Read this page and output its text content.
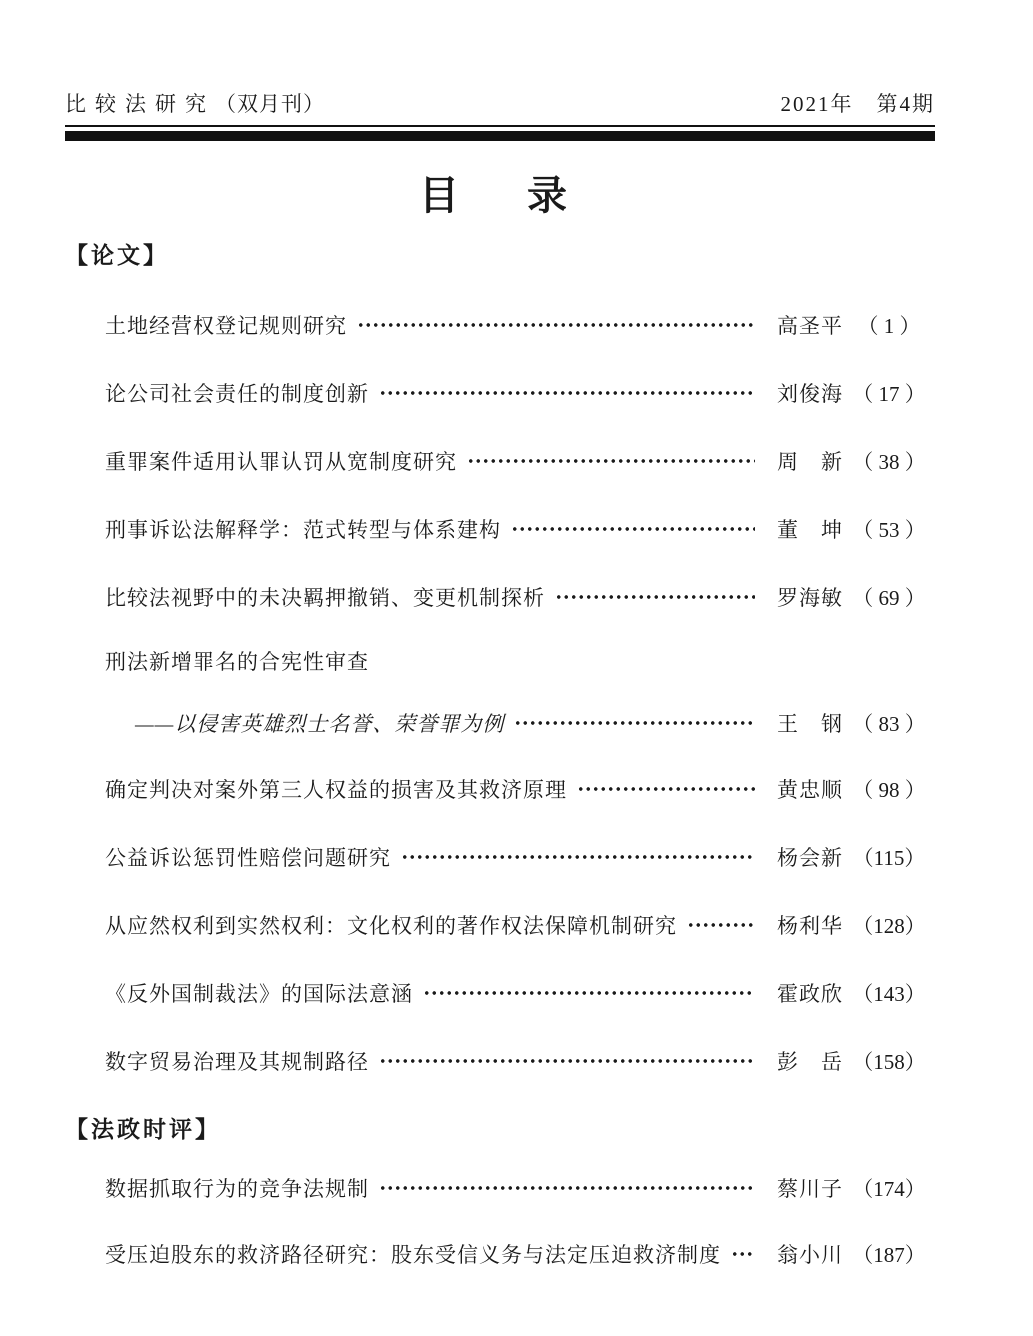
比较法研究（双月刊）	2021年　第4期
目　录
【论文】
土地经营权登记规则研究	高圣平 （ 1 ）
论公司社会责任的制度创新	刘俊海 （ 17 ）
重罪案件适用认罪认罚从宽制度研究	周　新 （ 38 ）
刑事诉讼法解释学：范式转型与体系建构	董　坤 （ 53 ）
比较法视野中的未决羁押撤销、变更机制探析	罗海敏 （ 69 ）
刑法新增罪名的合宪性审查
——以侵害英雄烈士名誉、荣誉罪为例	王　钢 （ 83 ）
确定判决对案外第三人权益的损害及其救济原理	黄忠顺 （ 98 ）
公益诉讼惩罚性赔偿问题研究	杨会新 （115）
从应然权利到实然权利：文化权利的著作权法保障机制研究	杨利华 （128）
《反外国制裁法》的国际法意涵	霍政欣 （143）
数字贸易治理及其规制路径	彭　岳 （158）
【法政时评】
数据抓取行为的竞争法规制	蔡川子 （174）
受压迫股东的救济路径研究：股东受信义务与法定压迫救济制度	翁小川 （187）
